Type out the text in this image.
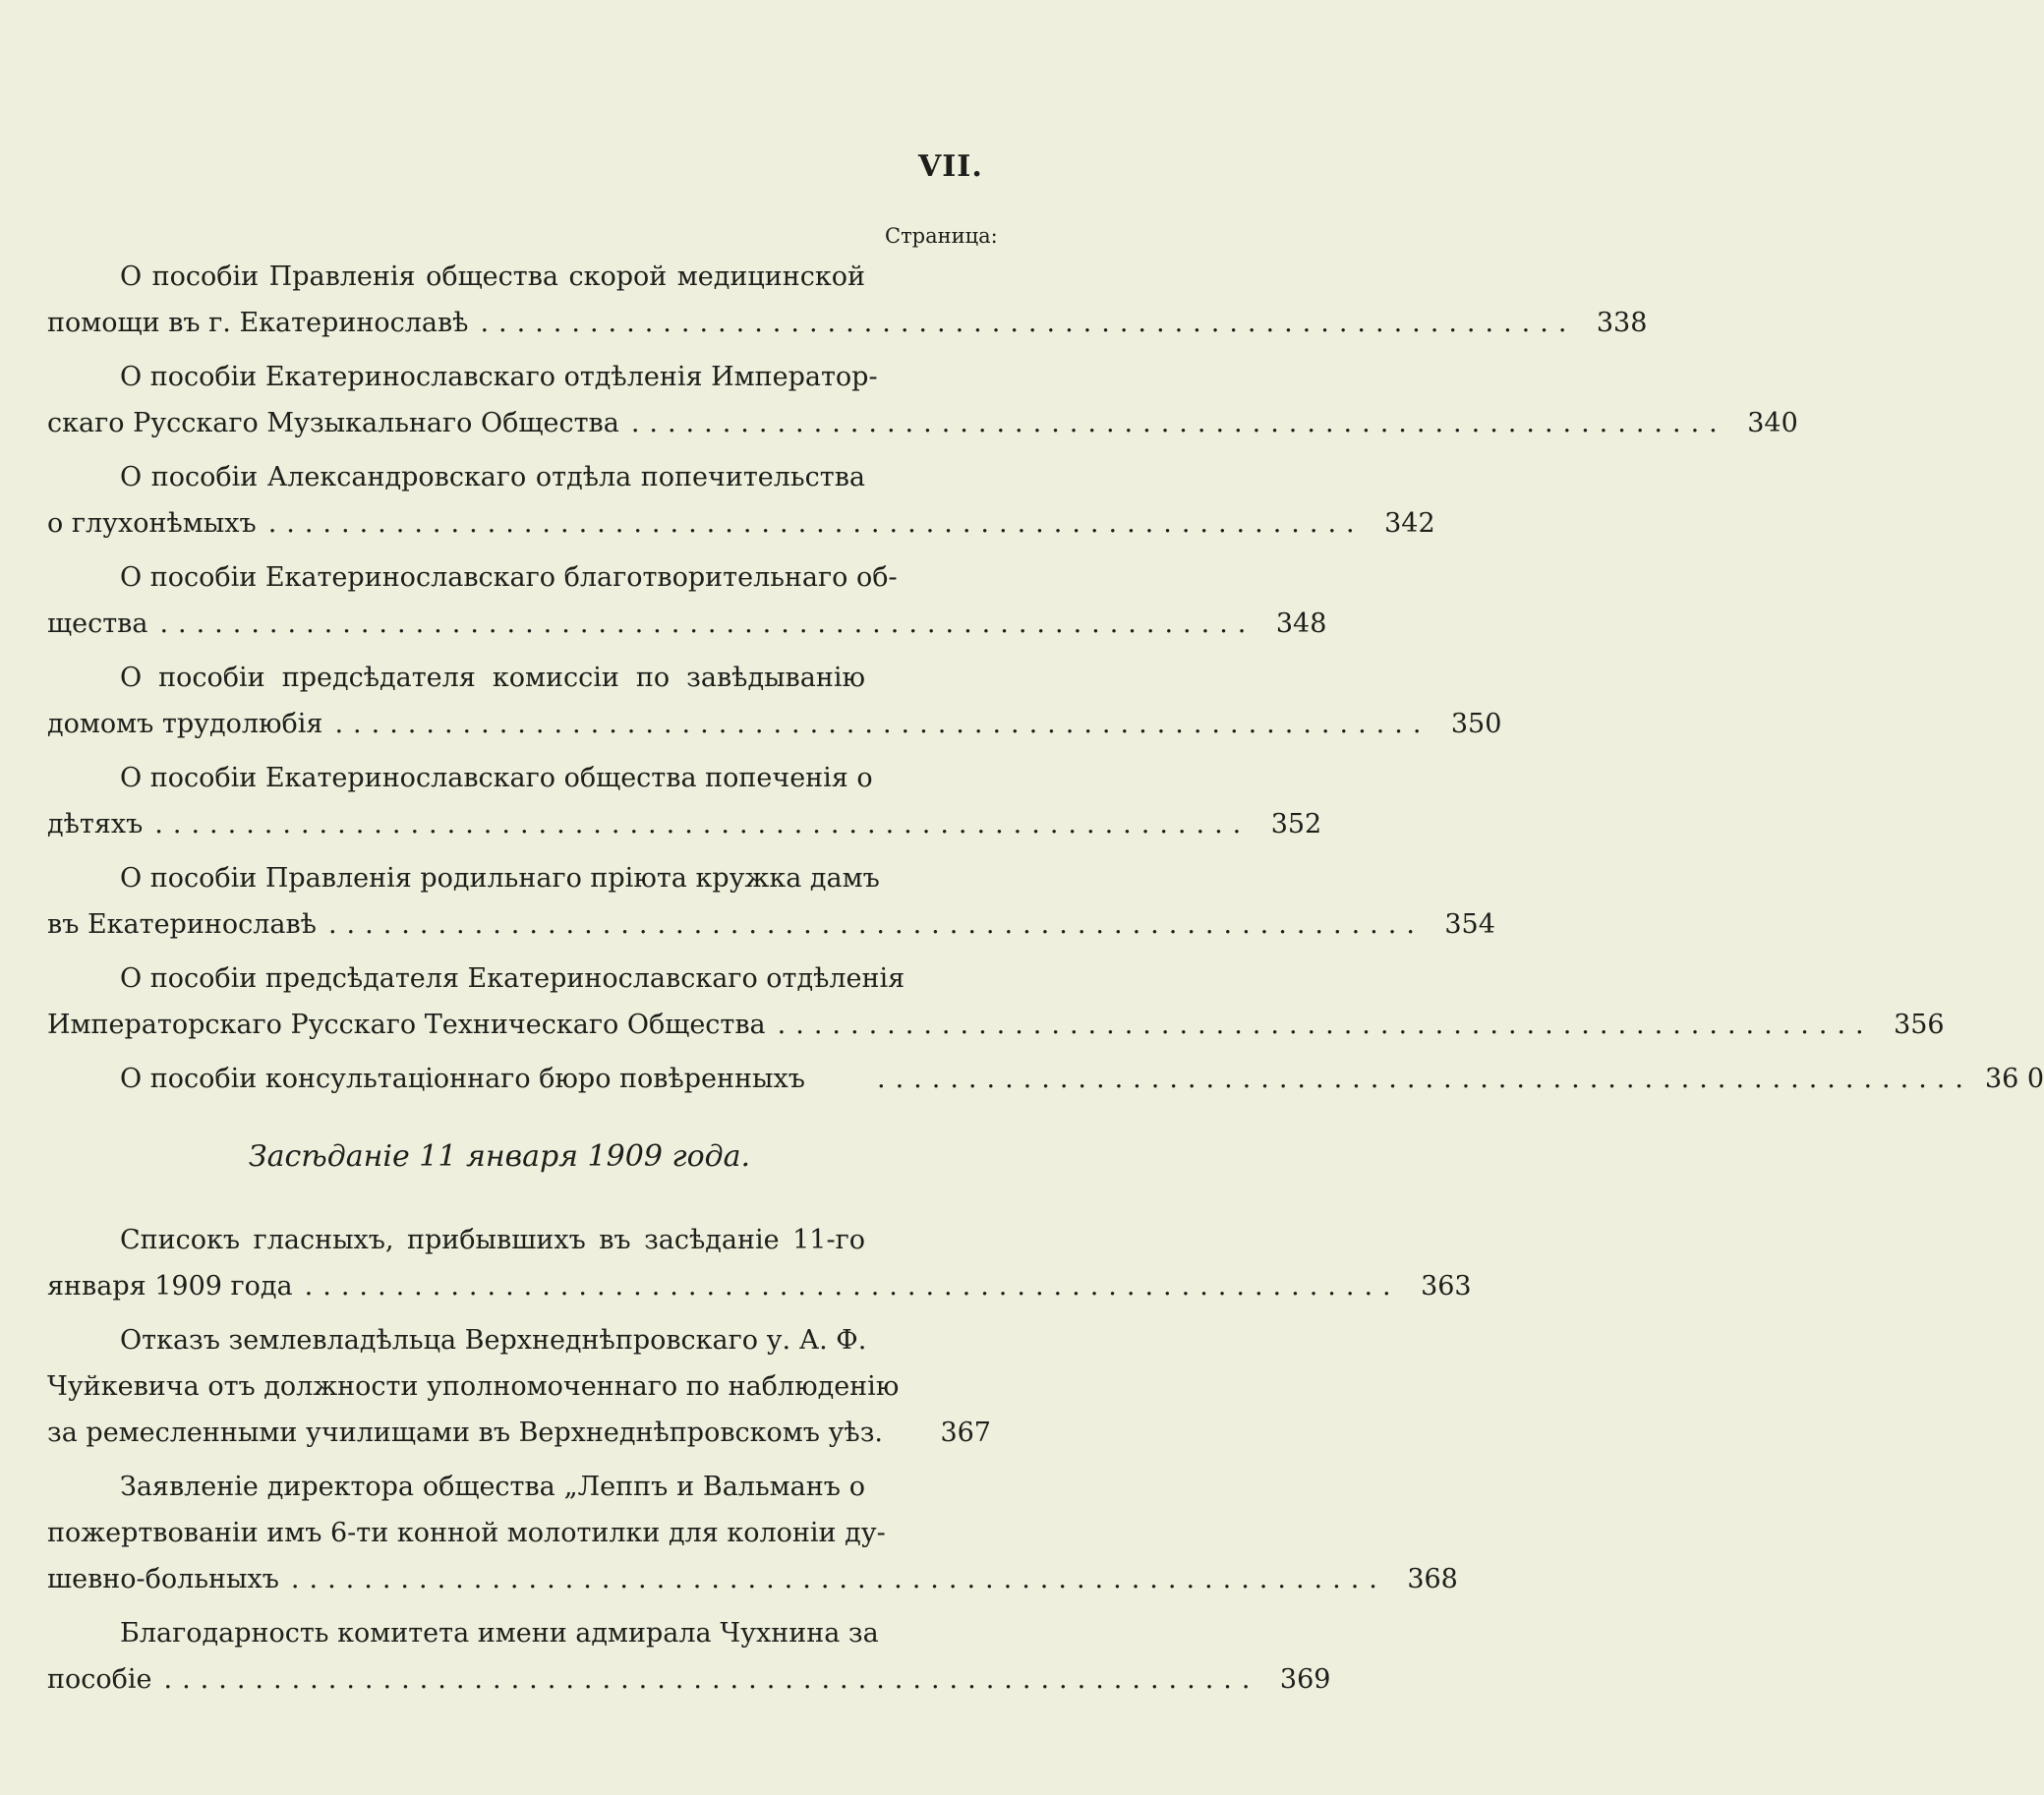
VII.
Страница:
О пособіи Правленія общества скорой медицинской
помощи въ г. Екатеринославѣ ............................................................ 338
О пособіи Екатеринославскаго отдѣленія Император-
скаго Русскаго Музыкальнаго Общества ............................................................ 340
О пособіи Александровскаго отдѣла попечительства
о глухонѣмыхъ ............................................................ 342
О пособіи Екатеринославскаго благотворительнаго об-
щества ............................................................ 348
О пособіи предсѣдателя комиссіи по завѣдыванію
домомъ трудолюбія ............................................................ 350
О пособіи Екатеринославскаго общества попеченія о
дѣтяхъ ............................................................ 352
О пособіи Правленія родильнаго пріюта кружка дамъ
въ Екатеринославѣ ............................................................ 354
О пособіи предсѣдателя Екатеринославскаго отдѣленія
Императорскаго Русскаго Техническаго Общества ............................................................ 356
О пособіи консультаціоннаго бюро повѣренныхъ	............................................................ 36 0
Засѣданіе 11 января 1909 года.
Списокъ гласныхъ, прибывшихъ въ засѣданіе 11-го
января 1909 года ............................................................ 363
Отказъ землевладѣльца Верхнеднѣпровскаго у. А. Ф.
Чуйкевича отъ должности уполномоченнаго по наблюденію
за ремесленными училищами въ Верхнеднѣпровскомъ уѣз.	367
Заявленіе директора общества „Леппъ и Вальманъ о
пожертвованіи имъ 6-ти конной молотилки для колоніи ду-
шевно-больныхъ ............................................................ 368
Благодарность комитета имени адмирала Чухнина за
пособіе ............................................................ 369
